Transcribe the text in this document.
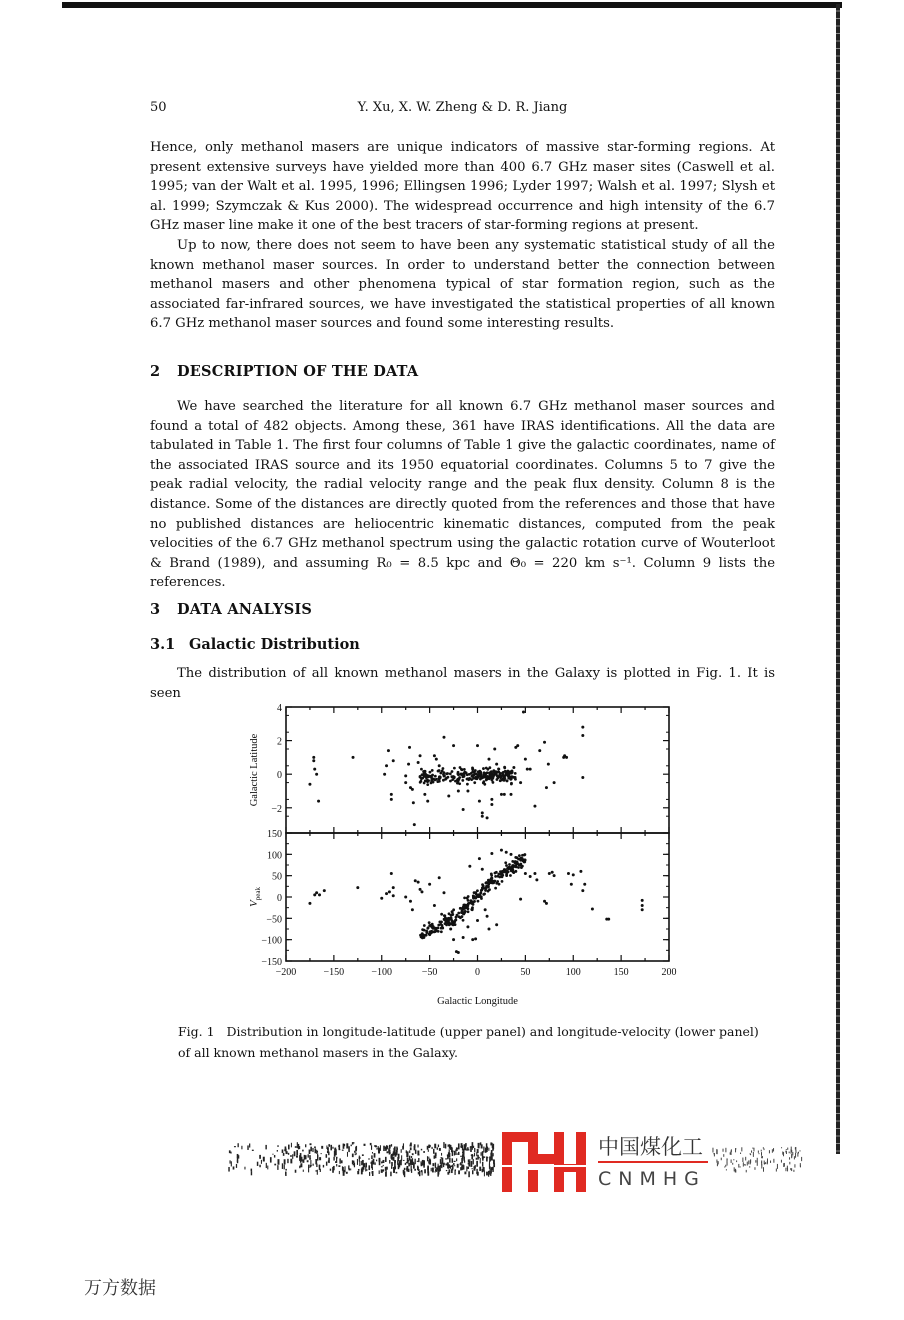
50	Y. Xu, X. W. Zheng & D. R. Jiang

Hence, only methanol masers are unique indicators of massive star-forming regions. At present extensive surveys have yielded more than 400 6.7 GHz maser sites (Caswell et al. 1995; van der Walt et al. 1995, 1996; Ellingsen 1996; Lyder 1997; Walsh et al. 1997; Slysh et al. 1999; Szymczak & Kus 2000). The widespread occurrence and high intensity of the 6.7 GHz maser line make it one of the best tracers of star-forming regions at present.

Up to now, there does not seem to have been any systematic statistical study of all the known methanol maser sources. In order to understand better the connection between methanol masers and other phenomena typical of star formation region, such as the associated far-infrared sources, we have investigated the statistical properties of all known 6.7 GHz methanol maser sources and found some interesting results.

2 DESCRIPTION OF THE DATA

We have searched the literature for all known 6.7 GHz methanol maser sources and found a total of 482 objects. Among these, 361 have IRAS identifications. All the data are tabulated in Table 1. The first four columns of Table 1 give the galactic coordinates, name of the associated IRAS source and its 1950 equatorial coordinates. Columns 5 to 7 give the peak radial velocity, the radial velocity range and the peak flux density. Column 8 is the distance. Some of the distances are directly quoted from the references and those that have no published distances are heliocentric kinematic distances, computed from the peak velocities of the 6.7 GHz methanol spectrum using the galactic rotation curve of Wouterloot & Brand (1989), and assuming R₀ = 8.5 kpc and Θ₀ = 220 km s⁻¹. Column 9 lists the references.

3 DATA ANALYSIS
3.1 Galactic Distribution

The distribution of all known methanol masers in the Galaxy is plotted in Fig. 1. It is seen

4
2
0
−2
Galactic Latitude
150
100
50
0
−50
−100
−150
$V_{peak}$
−200	−150	−100	−50	0	50	100	150	200
Galactic Longitude
Fig. 1 Distribution in longitude-latitude (upper panel) and longitude-velocity (lower panel) of all known methanol masers in the Galaxy.
中国煤化工
CNMHG
万方数据
